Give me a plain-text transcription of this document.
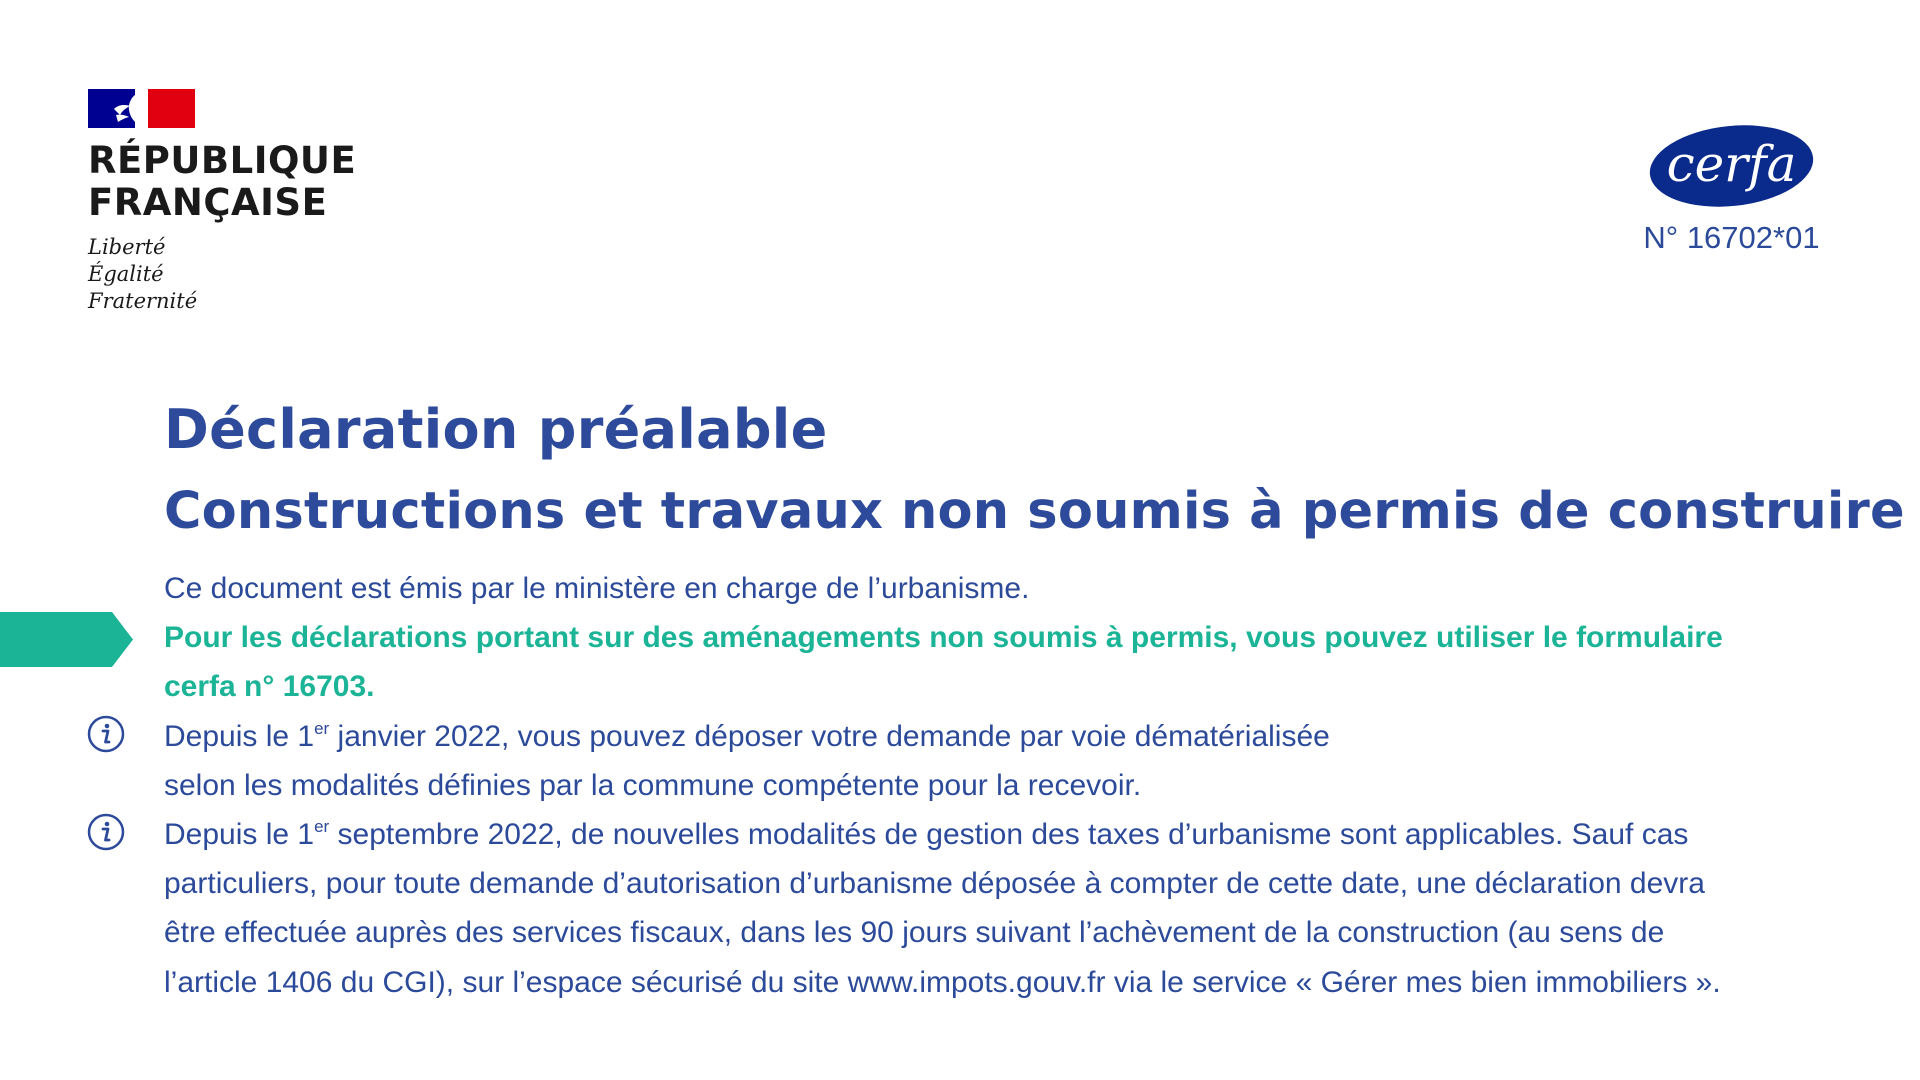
RÉPUBLIQUE
FRANÇAISE
Liberté
Égalité
Fraternité
cerfa
N° 16702*01
Déclaration préalable
Constructions et travaux non soumis à permis de construire
Ce document est émis par le ministère en charge de l’urbanisme.
Pour les déclarations portant sur des aménagements non soumis à permis, vous pouvez utiliser le formulaire
cerfa n° 16703.
Depuis le 1er janvier 2022, vous pouvez déposer votre demande par voie dématérialisée
selon les modalités définies par la commune compétente pour la recevoir.
Depuis le 1er septembre 2022, de nouvelles modalités de gestion des taxes d’urbanisme sont applicables. Sauf cas
particuliers, pour toute demande d’autorisation d’urbanisme déposée à compter de cette date, une déclaration devra
être effectuée auprès des services fiscaux, dans les 90 jours suivant l’achèvement de la construction (au sens de
l’article 1406 du CGI), sur l’espace sécurisé du site www.impots.gouv.fr via le service « Gérer mes bien immobiliers ».
